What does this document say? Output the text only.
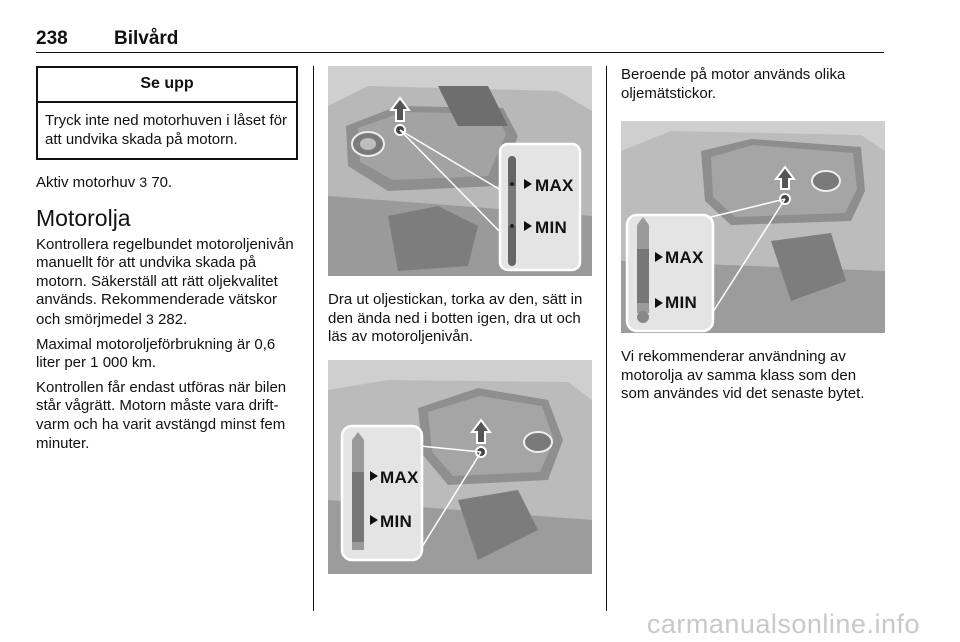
238	Bilvård
Se upp
Tryck inte ned motorhuven i låset för att undvika skada på motorn.

Aktiv motorhuv 3 70.

Motorolja

Kontrollera regelbundet motoroljenivån manuellt för att undvika skada på motorn. Säkerställ att rätt oljekvalitet används. Rekommenderade vätskor och smörjmedel 3 282.

Maximal motoroljeförbrukning är 0,6 liter per 1 000 km.

Kontrollen får endast utföras när bilen står vågrätt. Motorn måste vara driftvarm och ha varit avstängd minst fem minuter.

MAX
MIN

Dra ut oljestickan, torka av den, sätt in den ända ned i botten igen, dra ut och läs av motoroljenivån.

MAX
MIN

Beroende på motor används olika oljemätstickor.

MAX
MIN

Vi rekommenderar användning av motorolja av samma klass som den som användes vid det senaste bytet.

carmanualsonline.info
